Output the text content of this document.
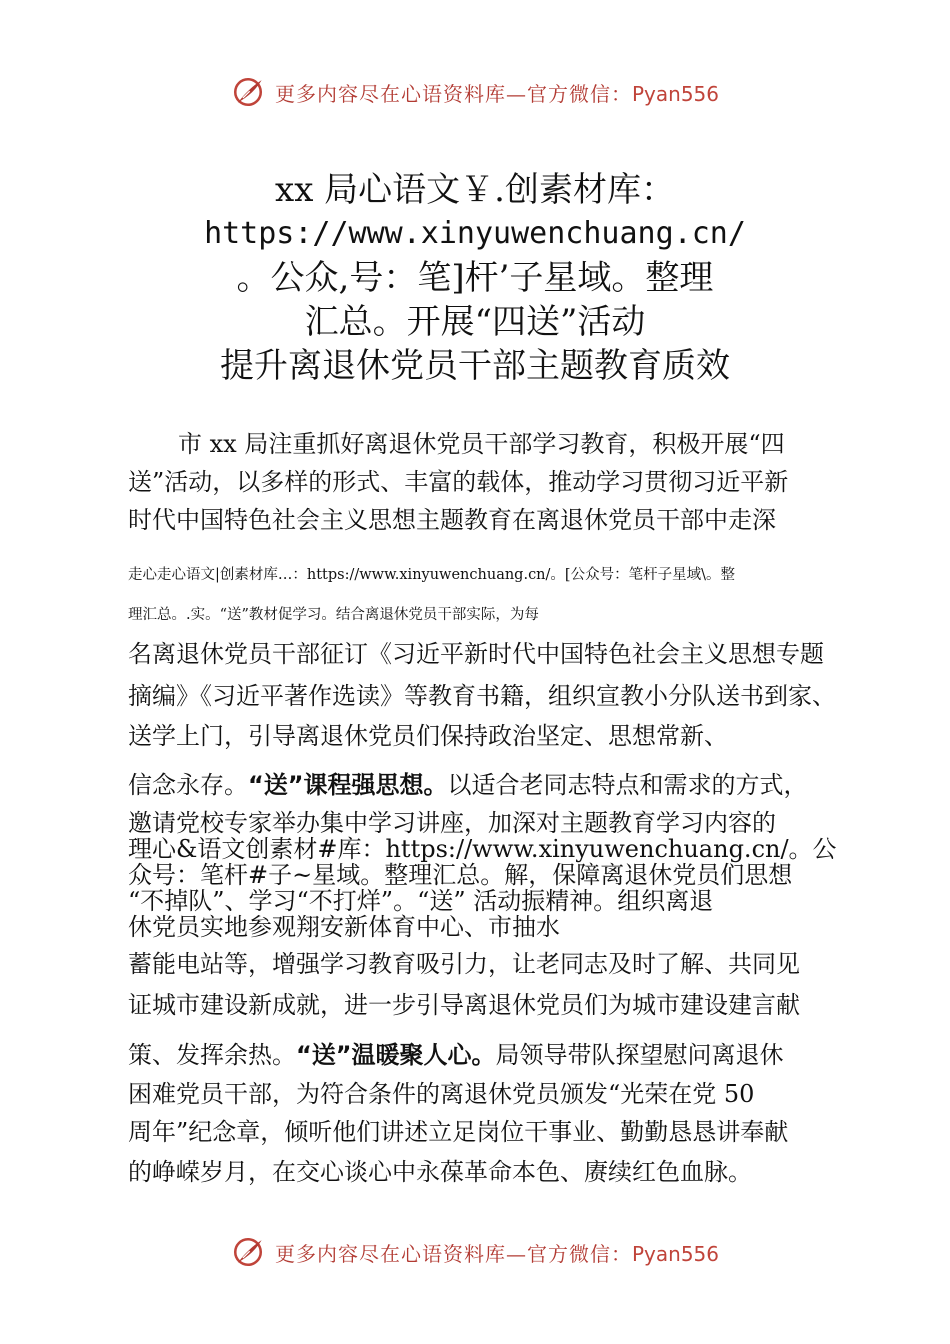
更多内容尽在心语资料库—官方微信：Pyan556
xx 局心语文￥.创素材库：
https://www.xinyuwenchuang.cn/
。公众,号：笔]杆’子星域。整理
汇总。开展“四送”活动
提升离退休党员干部主题教育质效
市 xx 局注重抓好离退休党员干部学习教育，积极开展“四
送”活动，以多样的形式、丰富的载体，推动学习贯彻习近平新
时代中国特色社会主义思想主题教育在离退休党员干部中走深
走心走心语文|创素材库…：https://www.xinyuwenchuang.cn/。[公众号：笔杆子星域\。整
理汇总。.实。“送”教材促学习。结合离退休党员干部实际，为每
名离退休党员干部征订《习近平新时代中国特色社会主义思想专题
摘编》《习近平著作选读》等教育书籍，组织宣教小分队送书到家、
送学上门，引导离退休党员们保持政治坚定、思想常新、
信念永存。“送”课程强思想。以适合老同志特点和需求的方式，
邀请党校专家举办集中学习讲座，加深对主题教育学习内容的
理心&语文创素材#库：https://www.xinyuwenchuang.cn/。公
众号：笔杆#子~星域。整理汇总。解，保障离退休党员们思想
“不掉队”、学习“不打烊”。“送” 活动振精神。组织离退
休党员实地参观翔安新体育中心、市抽水
蓄能电站等，增强学习教育吸引力，让老同志及时了解、共同见
证城市建设新成就，进一步引导离退休党员们为城市建设建言献
策、发挥余热。“送”温暖聚人心。局领导带队探望慰问离退休
困难党员干部，为符合条件的离退休党员颁发“光荣在党 50
周年”纪念章，倾听他们讲述立足岗位干事业、勤勤恳恳讲奉献
的峥嵘岁月，在交心谈心中永葆革命本色、赓续红色血脉。
更多内容尽在心语资料库—官方微信：Pyan556
